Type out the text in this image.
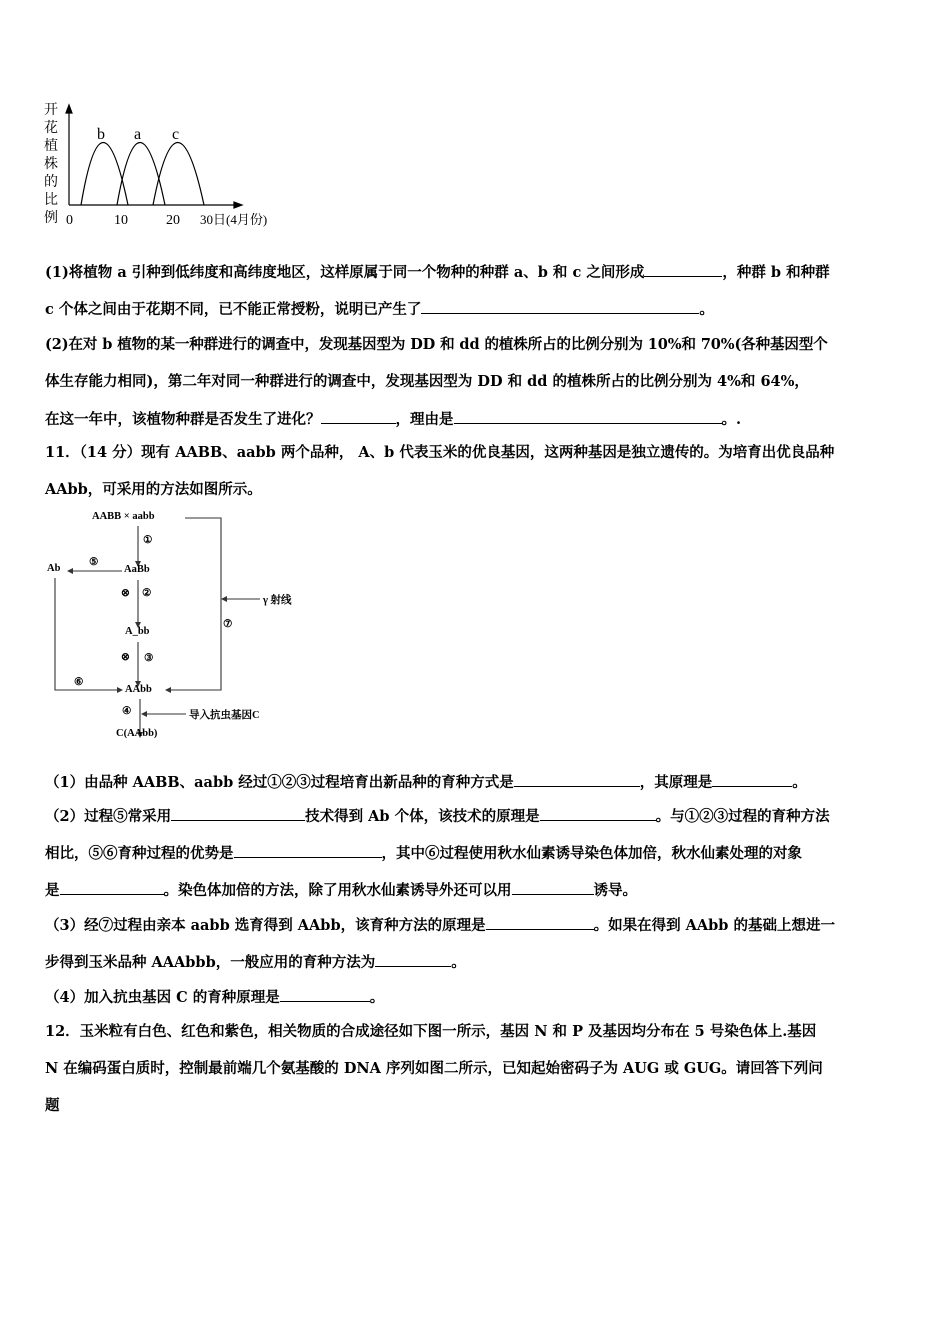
b a c
开
花
植
株
的
比
例 0	10	20 30日(4月份)
(1)将植物 a 引种到低纬度和高纬度地区，这样原属于同一个物种的种群 a、b 和 c 之间形成	，种群 b 和种群
c 个体之间由于花期不同，已不能正常授粉，说明已产生了	。
(2)在对 b 植物的某一种群进行的调查中，发现基因型为 DD 和 dd 的植株所占的比例分别为 10%和 70%(各种基因型个
体生存能力相同)，第二年对同一种群进行的调查中，发现基因型为 DD 和 dd 的植株所占的比例分别为 4%和 64%，
在这一年中，该植物种群是否发生了进化？	，理由是	。.
11．（14 分）现有 AABB、aabb 两个品种， A、b 代表玉米的优良基因，这两种基因是独立遗传的。为培育出优良品种
AAbb，可采用的方法如图所示。
AABB × aabb
①
AaBb
Ab
⑤
⊗ ②
A_bb
⊗ ③
⑥
AAbb
γ 射线
⑦
④	导入抗虫基因C
C(AAbb)
（1）由品种 AABB、aabb 经过①②③过程培育出新品种的育种方式是	，其原理是	。
（2）过程⑤常采用	技术得到 Ab 个体，该技术的原理是	。与①②③过程的育种方法
相比，⑤⑥育种过程的优势是	，其中⑥过程使用秋水仙素诱导染色体加倍，秋水仙素处理的对象
是	。染色体加倍的方法，除了用秋水仙素诱导外还可以用	诱导。
（3）经⑦过程由亲本 aabb 选育得到 AAbb，该育种方法的原理是	。如果在得到 AAbb 的基础上想进一
步得到玉米品种 AAAbbb，一般应用的育种方法为	。
（4）加入抗虫基因 C 的育种原理是	。
12．玉米粒有白色、红色和紫色，相关物质的合成途径如下图一所示，基因 N 和 P 及基因均分布在 5 号染色体上.基因
N 在编码蛋白质时，控制最前端几个氨基酸的 DNA 序列如图二所示，已知起始密码子为 AUG 或 GUG。请回答下列问
题
